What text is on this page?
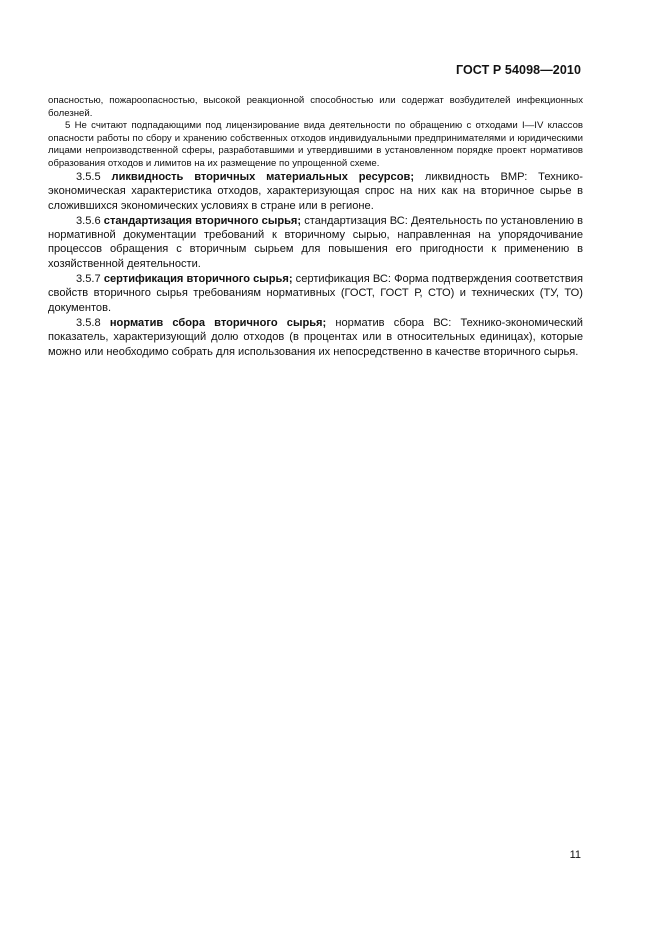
ГОСТ Р 54098—2010

опасностью, пожароопасностью, высокой реакционной способностью или содержат возбудителей инфекционных болезней.

5 Не считают подпадающими под лицензирование вида деятельности по обращению с отходами I—IV классов опасности работы по сбору и хранению собственных отходов индивидуальными предпринимателями и юридическими лицами непроизводственной сферы, разработавшими и утвердившими в установленном порядке проект нормативов образования отходов и лимитов на их размещение по упрощенной схеме.

3.5.5 ликвидность вторичных материальных ресурсов; ликвидность ВМР: Технико-экономическая характеристика отходов, характеризующая спрос на них как на вторичное сырье в сложившихся экономических условиях в стране или в регионе.

3.5.6 стандартизация вторичного сырья; стандартизация ВС: Деятельность по установлению в нормативной документации требований к вторичному сырью, направленная на упорядочивание процессов обращения с вторичным сырьем для повышения его пригодности к применению в хозяйственной деятельности.

3.5.7 сертификация вторичного сырья; сертификация ВС: Форма подтверждения соответствия свойств вторичного сырья требованиям нормативных (ГОСТ, ГОСТ Р, СТО) и технических (ТУ, ТО) документов.

3.5.8 норматив сбора вторичного сырья; норматив сбора ВС: Технико-экономический показатель, характеризующий долю отходов (в процентах или в относительных единицах), которые можно или необходимо собрать для использования их непосредственно в качестве вторичного сырья.

11
